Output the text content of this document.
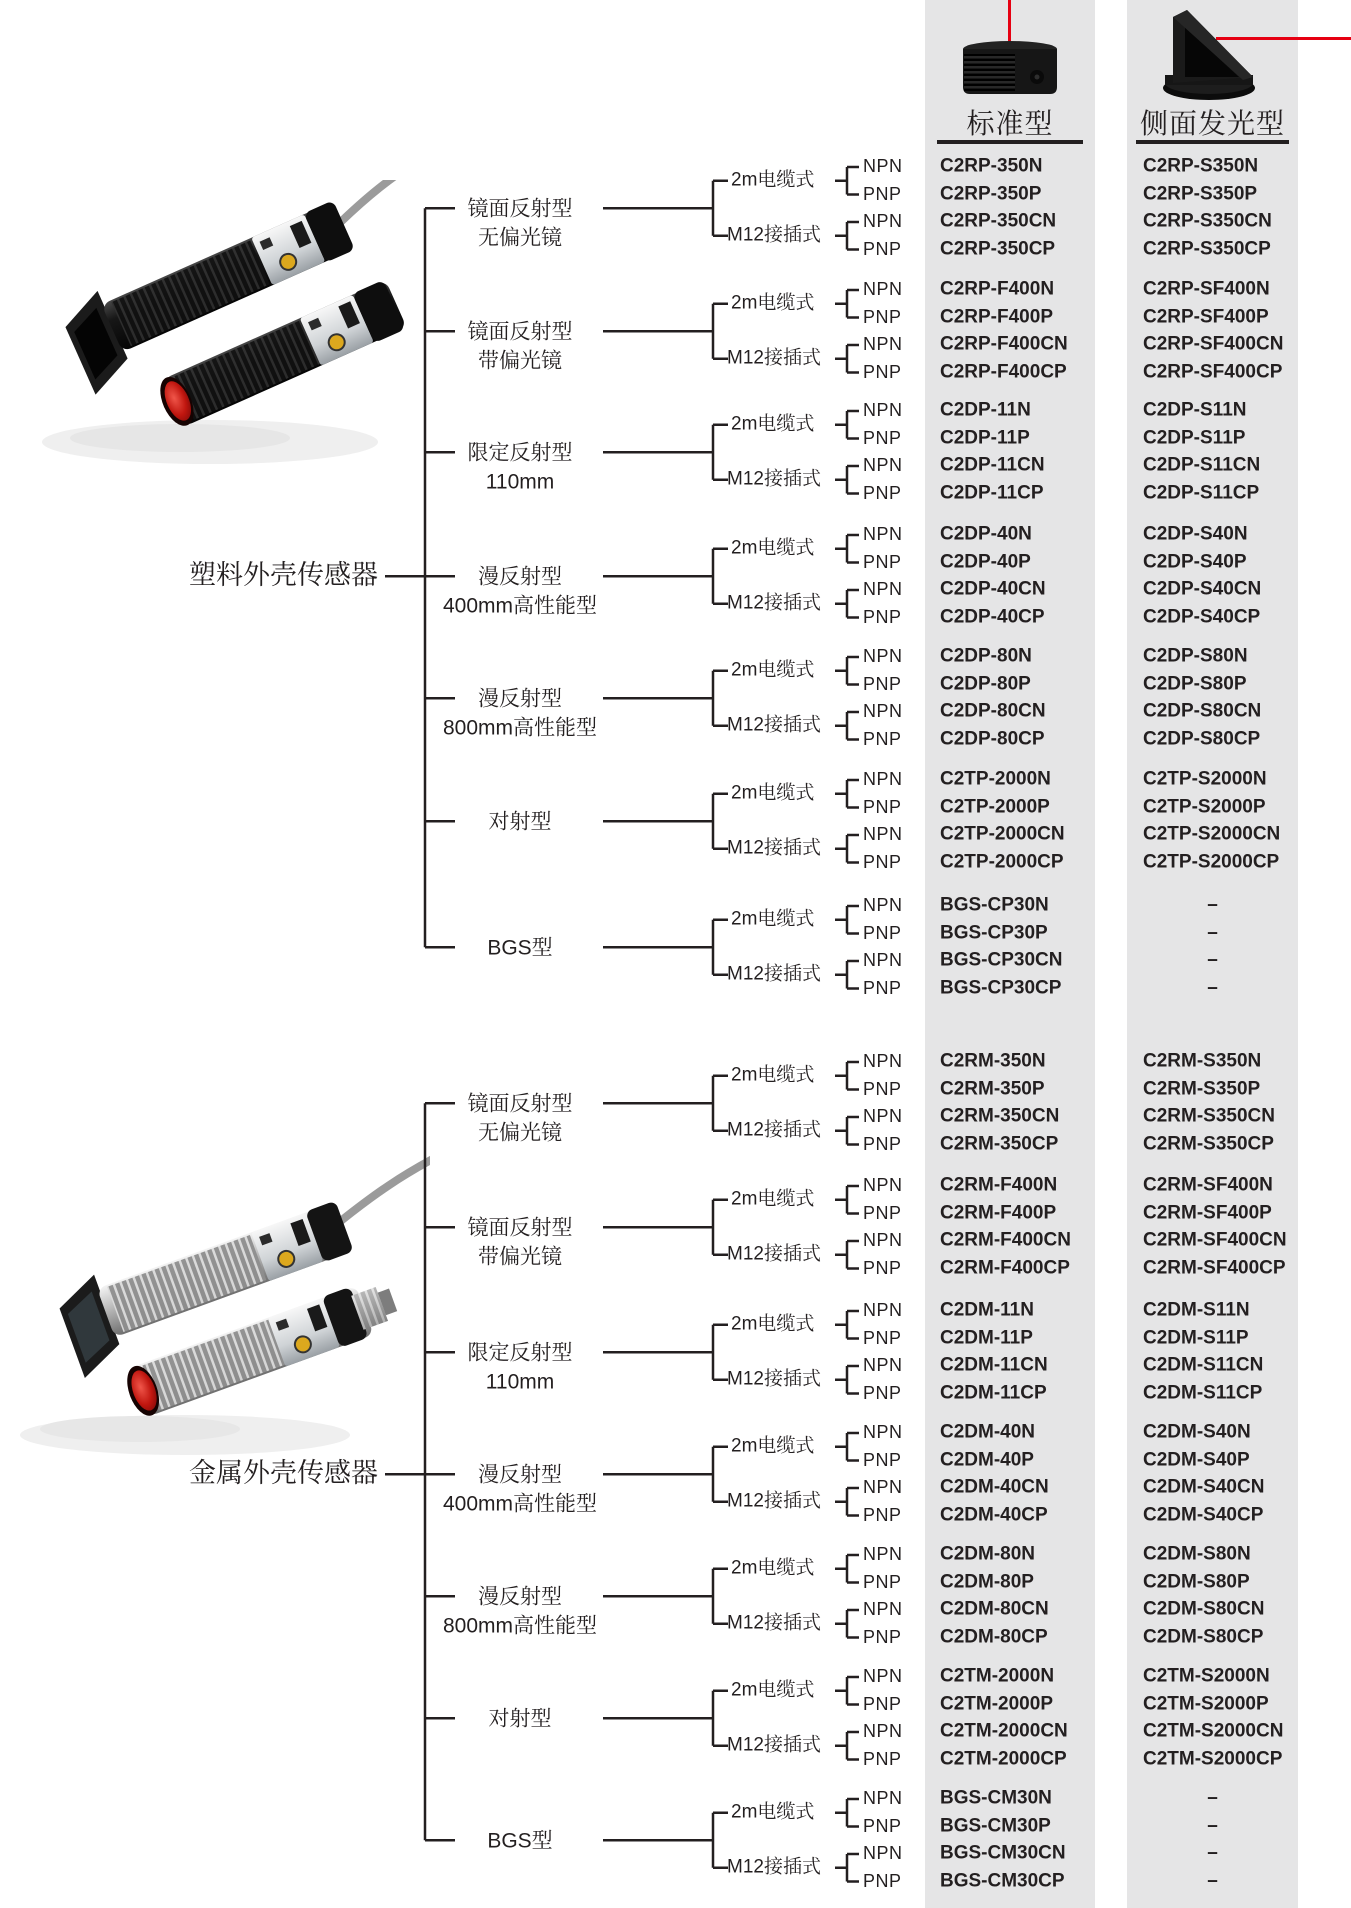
标准型	侧面发光型
塑料外壳传感器
镜面反射型
无偏光镜
2m电缆式
M12接插式
NPN
PNP
NPN
PNP
C2RP-350N
C2RP-350P
C2RP-350CN
C2RP-350CP
C2RP-S350N
C2RP-S350P
C2RP-S350CN
C2RP-S350CP
镜面反射型
带偏光镜
2m电缆式
M12接插式
NPN
PNP
NPN
PNP
C2RP-F400N
C2RP-F400P
C2RP-F400CN
C2RP-F400CP
C2RP-SF400N
C2RP-SF400P
C2RP-SF400CN
C2RP-SF400CP
限定反射型
110mm
2m电缆式
M12接插式
NPN
PNP
NPN
PNP
C2DP-11N
C2DP-11P
C2DP-11CN
C2DP-11CP
C2DP-S11N
C2DP-S11P
C2DP-S11CN
C2DP-S11CP
漫反射型
400mm高性能型
2m电缆式
M12接插式
NPN
PNP
NPN
PNP
C2DP-40N
C2DP-40P
C2DP-40CN
C2DP-40CP
C2DP-S40N
C2DP-S40P
C2DP-S40CN
C2DP-S40CP
漫反射型
800mm高性能型
2m电缆式
M12接插式
NPN
PNP
NPN
PNP
C2DP-80N
C2DP-80P
C2DP-80CN
C2DP-80CP
C2DP-S80N
C2DP-S80P
C2DP-S80CN
C2DP-S80CP
对射型
2m电缆式
M12接插式
NPN
PNP
NPN
PNP
C2TP-2000N
C2TP-2000P
C2TP-2000CN
C2TP-2000CP
C2TP-S2000N
C2TP-S2000P
C2TP-S2000CN
C2TP-S2000CP
BGS型
2m电缆式
M12接插式
NPN
PNP
NPN
PNP
BGS-CP30N
BGS-CP30P
BGS-CP30CN
BGS-CP30CP
–
–
–
–
金属外壳传感器
镜面反射型
无偏光镜
2m电缆式
M12接插式
NPN
PNP
NPN
PNP
C2RM-350N
C2RM-350P
C2RM-350CN
C2RM-350CP
C2RM-S350N
C2RM-S350P
C2RM-S350CN
C2RM-S350CP
镜面反射型
带偏光镜
2m电缆式
M12接插式
NPN
PNP
NPN
PNP
C2RM-F400N
C2RM-F400P
C2RM-F400CN
C2RM-F400CP
C2RM-SF400N
C2RM-SF400P
C2RM-SF400CN
C2RM-SF400CP
限定反射型
110mm
2m电缆式
M12接插式
NPN
PNP
NPN
PNP
C2DM-11N
C2DM-11P
C2DM-11CN
C2DM-11CP
C2DM-S11N
C2DM-S11P
C2DM-S11CN
C2DM-S11CP
漫反射型
400mm高性能型
2m电缆式
M12接插式
NPN
PNP
NPN
PNP
C2DM-40N
C2DM-40P
C2DM-40CN
C2DM-40CP
C2DM-S40N
C2DM-S40P
C2DM-S40CN
C2DM-S40CP
漫反射型
800mm高性能型
2m电缆式
M12接插式
NPN
PNP
NPN
PNP
C2DM-80N
C2DM-80P
C2DM-80CN
C2DM-80CP
C2DM-S80N
C2DM-S80P
C2DM-S80CN
C2DM-S80CP
对射型
2m电缆式
M12接插式
NPN
PNP
NPN
PNP
C2TM-2000N
C2TM-2000P
C2TM-2000CN
C2TM-2000CP
C2TM-S2000N
C2TM-S2000P
C2TM-S2000CN
C2TM-S2000CP
BGS型
2m电缆式
M12接插式
NPN
PNP
NPN
PNP
BGS-CM30N
BGS-CM30P
BGS-CM30CN
BGS-CM30CP
–
–
–
–
